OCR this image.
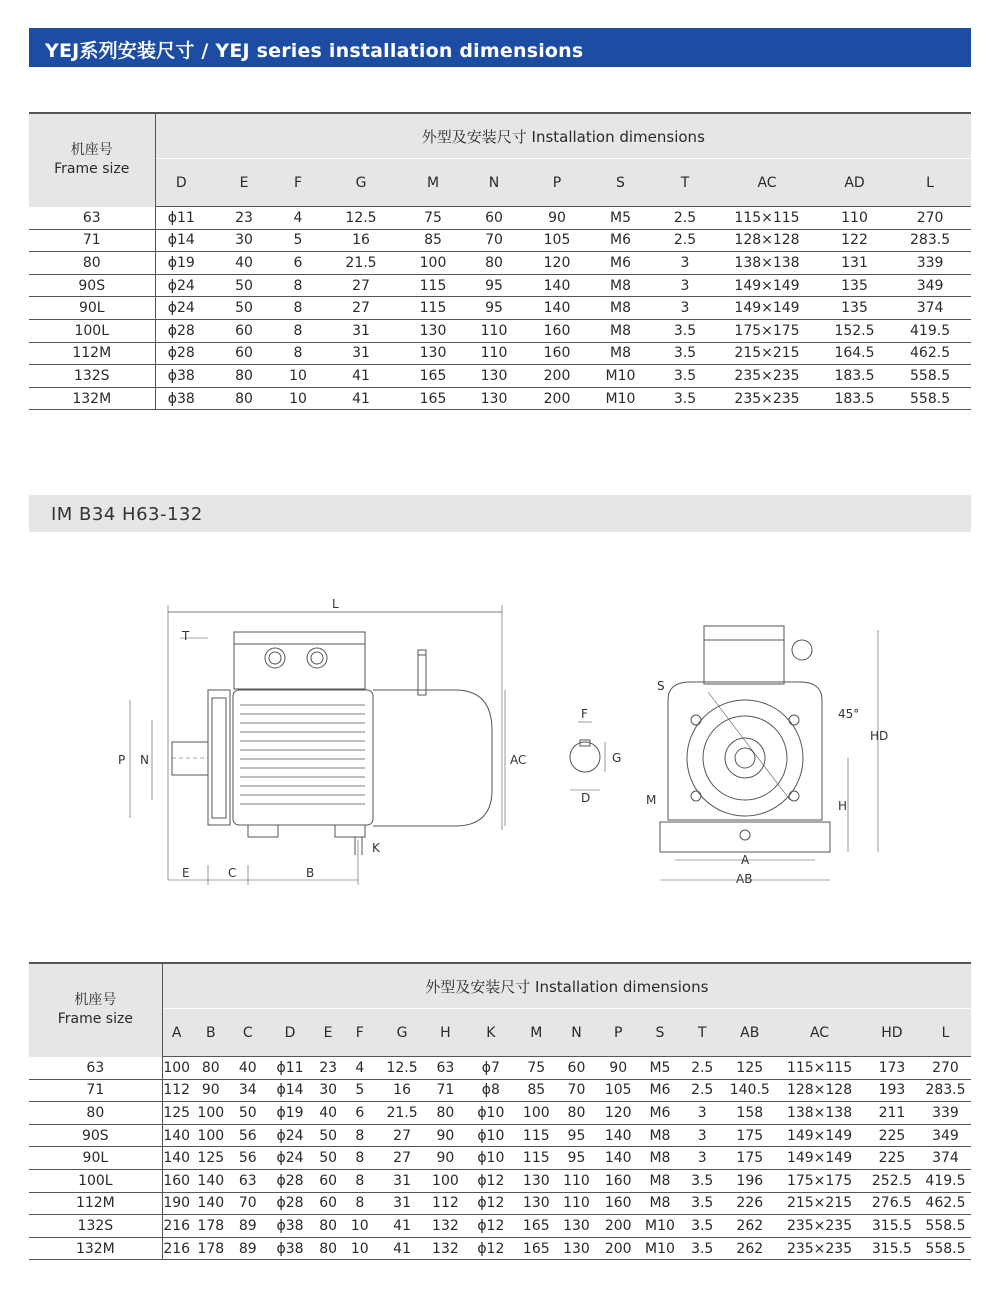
YEJ系列安装尺寸 / YEJ series installation dimensions
机座号
Frame size	外型及安装尺寸 Installation dimensions											
	D	E	F	G	M	N	P	S	T	AC	AD	L
63	ϕ11	23	4	12.5	75	60	90	M5	2.5	115×115	110	270
71	ϕ14	30	5	16	85	70	105	M6	2.5	128×128	122	283.5
80	ϕ19	40	6	21.5	100	80	120	M6	3	138×138	131	339
90S	ϕ24	50	8	27	115	95	140	M8	3	149×149	135	349
90L	ϕ24	50	8	27	115	95	140	M8	3	149×149	135	374
100L	ϕ28	60	8	31	130	110	160	M8	3.5	175×175	152.5	419.5
112M	ϕ28	60	8	31	130	110	160	M8	3.5	215×215	164.5	462.5
132S	ϕ38	80	10	41	165	130	200	M10	3.5	235×235	183.5	558.5
132M	ϕ38	80	10	41	165	130	200	M10	3.5	235×235	183.5	558.5
IM B34 H63-132
L
T
P N	AC
E	C	B
K
F
G
D
S
M
45°
HD
H
A
AB
机座号
Frame size	外型及安装尺寸 Installation dimensions																	
	A	B	C	D	E	F	G	H	K	M	N	P	S	T	AB	AC	HD	L
63	100	80	40	ϕ11	23	4	12.5	63	ϕ7	75	60	90	M5	2.5	125	115×115	173	270
71	112	90	34	ϕ14	30	5	16	71	ϕ8	85	70	105	M6	2.5	140.5	128×128	193	283.5
80	125	100	50	ϕ19	40	6	21.5	80	ϕ10	100	80	120	M6	3	158	138×138	211	339
90S	140	100	56	ϕ24	50	8	27	90	ϕ10	115	95	140	M8	3	175	149×149	225	349
90L	140	125	56	ϕ24	50	8	27	90	ϕ10	115	95	140	M8	3	175	149×149	225	374
100L	160	140	63	ϕ28	60	8	31	100	ϕ12	130	110	160	M8	3.5	196	175×175	252.5	419.5
112M	190	140	70	ϕ28	60	8	31	112	ϕ12	130	110	160	M8	3.5	226	215×215	276.5	462.5
132S	216	178	89	ϕ38	80	10	41	132	ϕ12	165	130	200	M10	3.5	262	235×235	315.5	558.5
132M	216	178	89	ϕ38	80	10	41	132	ϕ12	165	130	200	M10	3.5	262	235×235	315.5	558.5
